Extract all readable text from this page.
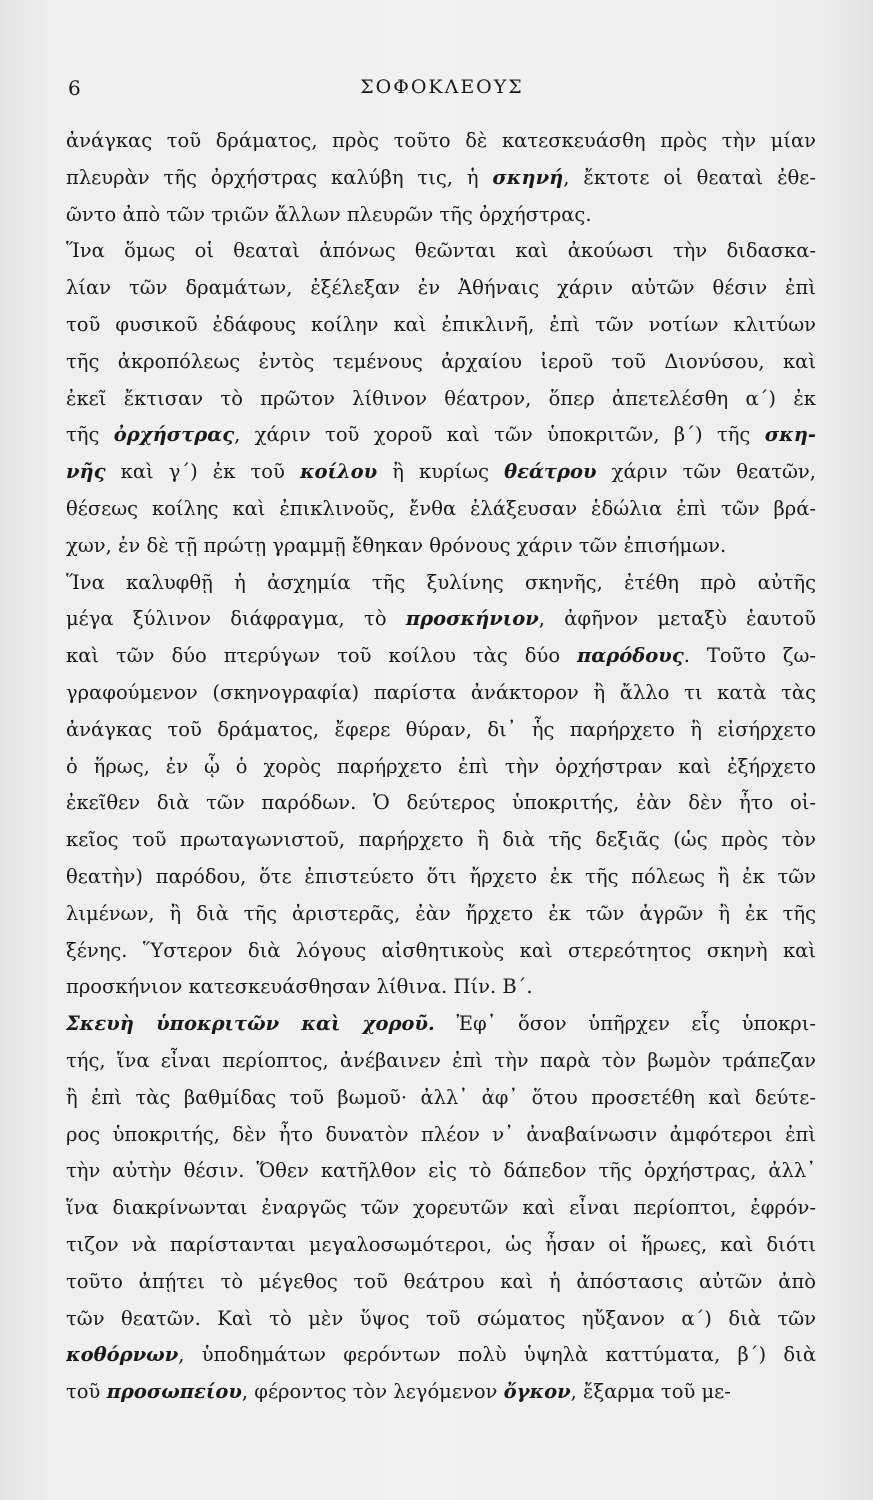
6	ΣΟΦΟΚΛΕΟΥΣ
ἀνάγκας τοῦ δράματος, πρὸς τοῦτο δὲ κατεσκευάσθη πρὸς τὴν μίαν
πλευρὰν τῆς ὀρχήστρας καλύβη τις, ἡ σκηνή, ἔκτοτε οἱ θεαταὶ ἐθε-
ῶντο ἀπὸ τῶν τριῶν ἄλλων πλευρῶν τῆς ὀρχήστρας.
Ἵνα ὅμως οἱ θεαταὶ ἀπόνως θεῶνται καὶ ἀκούωσι τὴν διδασκα-
λίαν τῶν δραμάτων, ἐξέλεξαν ἐν Ἀθήναις χάριν αὐτῶν θέσιν ἐπὶ
τοῦ φυσικοῦ ἐδάφους κοίλην καὶ ἐπικλινῆ, ἐπὶ τῶν νοτίων κλιτύων
τῆς ἀκροπόλεως ἐντὸς τεμένους ἀρχαίου ἱεροῦ τοῦ Διονύσου, καὶ
ἐκεῖ ἔκτισαν τὸ πρῶτον λίθινον θέατρον, ὅπερ ἀπετελέσθη α΄) ἐκ
τῆς ὀρχήστρας, χάριν τοῦ χοροῦ καὶ τῶν ὑποκριτῶν, β΄) τῆς σκη-
νῆς καὶ γ΄) ἐκ τοῦ κοίλου ἢ κυρίως θεάτρου χάριν τῶν θεατῶν,
θέσεως κοίλης καὶ ἐπικλινοῦς, ἔνθα ἐλάξευσαν ἑδώλια ἐπὶ τῶν βρά-
χων, ἐν δὲ τῇ πρώτῃ γραμμῇ ἔθηκαν θρόνους χάριν τῶν ἐπισήμων.
Ἵνα καλυφθῇ ἡ ἀσχημία τῆς ξυλίνης σκηνῆς, ἐτέθη πρὸ αὐτῆς
μέγα ξύλινον διάφραγμα, τὸ προσκήνιον, ἀφῆνον μεταξὺ ἑαυτοῦ
καὶ τῶν δύο πτερύγων τοῦ κοίλου τὰς δύο παρόδους. Τοῦτο ζω-
γραφούμενον (σκηνογραφία) παρίστα ἀνάκτορον ἢ ἄλλο τι κατὰ τὰς
ἀνάγκας τοῦ δράματος, ἔφερε θύραν, δι᾽ ἧς παρήρχετο ἢ εἰσήρχετο
ὁ ἥρως, ἐν ᾧ ὁ χορὸς παρήρχετο ἐπὶ τὴν ὀρχήστραν καὶ ἐξήρχετο
ἐκεῖθεν διὰ τῶν παρόδων. Ὁ δεύτερος ὑποκριτής, ἐὰν δὲν ἦτο οἰ-
κεῖος τοῦ πρωταγωνιστοῦ, παρήρχετο ἢ διὰ τῆς δεξιᾶς (ὡς πρὸς τὸν
θεατὴν) παρόδου, ὅτε ἐπιστεύετο ὅτι ἤρχετο ἐκ τῆς πόλεως ἢ ἐκ τῶν
λιμένων, ἢ διὰ τῆς ἀριστερᾶς, ἐὰν ἤρχετο ἐκ τῶν ἀγρῶν ἢ ἐκ τῆς
ξένης. Ὕστερον διὰ λόγους αἰσθητικοὺς καὶ στερεότητος σκηνὴ καὶ
προσκήνιον κατεσκευάσθησαν λίθινα. Πίν. Β΄.
Σκευὴ ὑποκριτῶν καὶ χοροῦ. Ἐφ᾽ ὅσον ὑπῆρχεν εἷς ὑποκρι-
τής, ἵνα εἶναι περίοπτος, ἀνέβαινεν ἐπὶ τὴν παρὰ τὸν βωμὸν τράπεζαν
ἢ ἐπὶ τὰς βαθμίδας τοῦ βωμοῦ· ἀλλ᾽ ἀφ᾽ ὅτου προσετέθη καὶ δεύτε-
ρος ὑποκριτής, δὲν ἦτο δυνατὸν πλέον ν᾽ ἀναβαίνωσιν ἀμφότεροι ἐπὶ
τὴν αὐτὴν θέσιν. Ὅθεν κατῆλθον εἰς τὸ δάπεδον τῆς ὀρχήστρας, ἀλλ᾽
ἵνα διακρίνωνται ἐναργῶς τῶν χορευτῶν καὶ εἶναι περίοπτοι, ἐφρόν-
τιζον νὰ παρίστανται μεγαλοσωμότεροι, ὡς ἦσαν οἱ ἥρωες, καὶ διότι
τοῦτο ἀπῄτει τὸ μέγεθος τοῦ θεάτρου καὶ ἡ ἀπόστασις αὐτῶν ἀπὸ
τῶν θεατῶν. Καὶ τὸ μὲν ὕψος τοῦ σώματος ηὔξανον α΄) διὰ τῶν
κοθόρνων, ὑποδημάτων φερόντων πολὺ ὑψηλὰ καττύματα, β΄) διὰ
τοῦ προσωπείου, φέροντος τὸν λεγόμενον ὄγκον, ἔξαρμα τοῦ με-
